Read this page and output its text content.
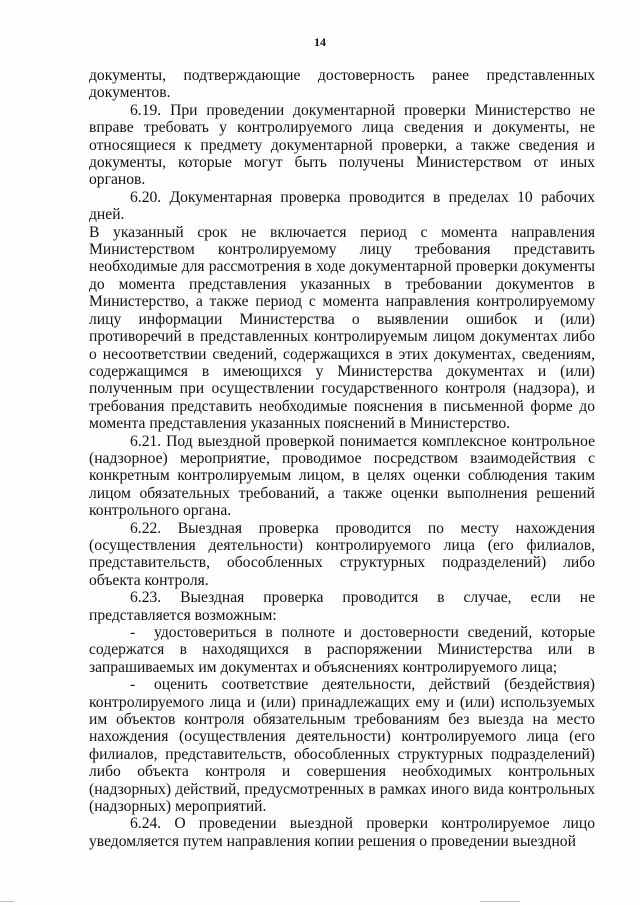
14

документы, подтверждающие достоверность ранее представленных документов.

6.19. При проведении документарной проверки Министерство не вправе требовать у контролируемого лица сведения и документы, не относящиеся к предмету документарной проверки, а также сведения и документы, которые могут быть получены Министерством от иных органов.

6.20. Документарная проверка проводится в пределах 10 рабочих дней.

В указанный срок не включается период с момента направления Министерством контролируемому лицу требования представить необходимые для рассмотрения в ходе документарной проверки документы до момента представления указанных в требовании документов в Министерство, а также период с момента направления контролируемому лицу информации Министерства о выявлении ошибок и (или) противоречий в представленных контролируемым лицом документах либо о несоответствии сведений, содержащихся в этих документах, сведениям, содержащимся в имеющихся у Министерства документах и (или) полученным при осуществлении государственного контроля (надзора), и требования представить необходимые пояснения в письменной форме до момента представления указанных пояснений в Министерство.

6.21. Под выездной проверкой понимается комплексное контрольное (надзорное) мероприятие, проводимое посредством взаимодействия с конкретным контролируемым лицом, в целях оценки соблюдения таким лицом обязательных требований, а также оценки выполнения решений контрольного органа.

6.22. Выездная проверка проводится по месту нахождения (осуществления деятельности) контролируемого лица (его филиалов, представительств, обособленных структурных подразделений) либо объекта контроля.

6.23. Выездная проверка проводится в случае, если не представляется возможным:

- удостовериться в полноте и достоверности сведений, которые содержатся в находящихся в распоряжении Министерства или в запрашиваемых им документах и объяснениях контролируемого лица;

- оценить соответствие деятельности, действий (бездействия) контролируемого лица и (или) принадлежащих ему и (или) используемых им объектов контроля обязательным требованиям без выезда на место нахождения (осуществления деятельности) контролируемого лица (его филиалов, представительств, обособленных структурных подразделений) либо объекта контроля и совершения необходимых контрольных (надзорных) действий, предусмотренных в рамках иного вида контрольных (надзорных) мероприятий.

6.24. О проведении выездной проверки контролируемое лицо уведомляется путем направления копии решения о проведении выездной
